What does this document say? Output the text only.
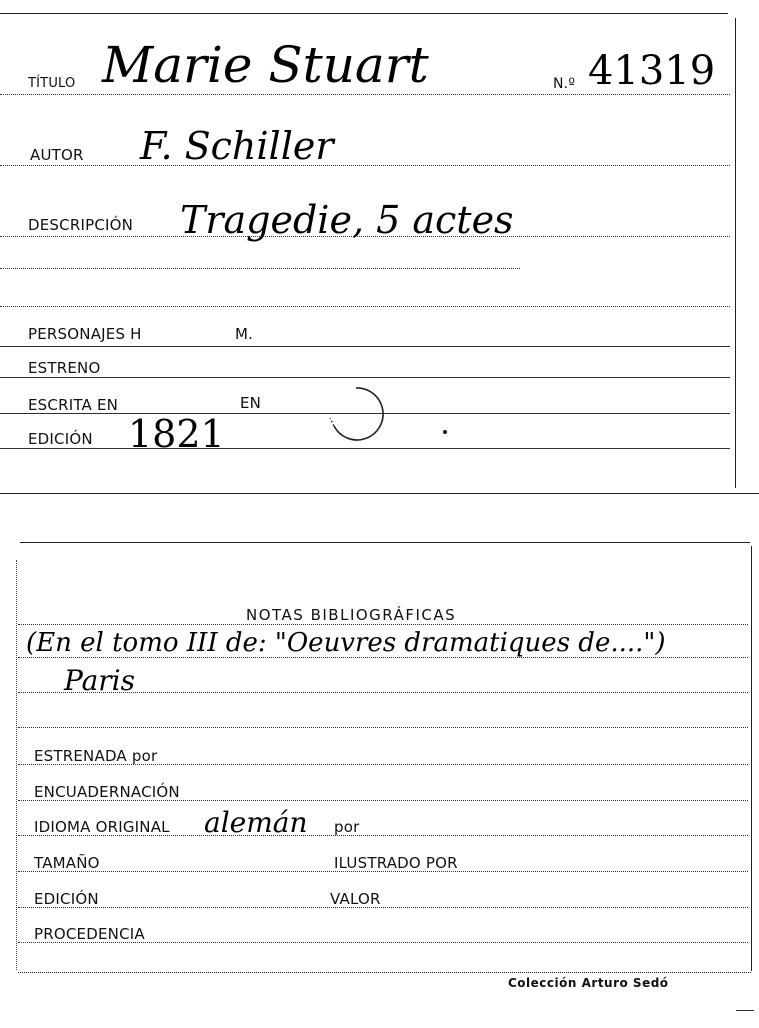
TÍTULO Marie Stuart	N.º 41319
AUTOR F. Schiller
DESCRIPCIÓN Tragedie, 5 actes
PERSONAJES H	M.
ESTRENO
ESCRITA EN	EN
EDICIÓN 1821
NOTAS BIBLIOGRÁFICAS
(En el tomo III de: "Oeuvres dramatiques de....")
Paris
ESTRENADA por
ENCUADERNACIÓN
IDIOMA ORIGINAL alemán por
TAMAÑO	ILUSTRADO POR
EDICIÓN	VALOR
PROCEDENCIA
Colección Arturo Sedó
